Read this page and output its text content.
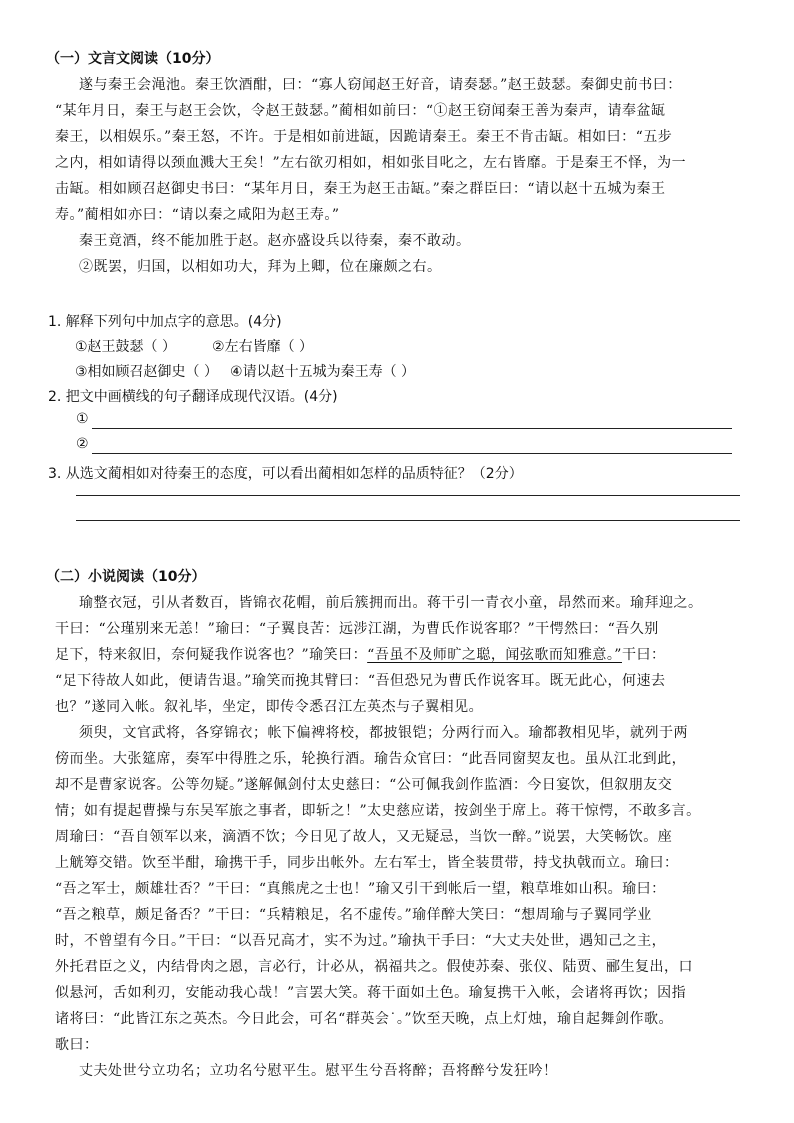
（一）文言文阅读（10分）
遂与秦王会渑池。秦王饮酒酣，曰：“寡人窃闻赵王好音，请奏瑟。”赵王鼓瑟。秦御史前书曰：
“某年月日，秦王与赵王会饮，令赵王鼓瑟。”蔺相如前曰：“①赵王窃闻秦王善为秦声，请奉盆缻
秦王，以相娱乐。”秦王怒，不许。于是相如前进缻，因跪请秦王。秦王不肯击缻。相如曰：“五步
之内，相如请得以颈血溅大王矣！”左右欲刃相如，相如张目叱之，左右皆靡。于是秦王不怿，为一
击缻。相如顾召赵御史书曰：“某年月日，秦王为赵王击缻。”秦之群臣曰：“请以赵十五城为秦王
寿。”蔺相如亦曰：“请以秦之咸阳为赵王寿。”
秦王竟酒，终不能加胜于赵。赵亦盛设兵以待秦，秦不敢动。
②既罢，归国，以相如功大，拜为上卿，位在廉颇之右。
1. 解释下列句中加点字的意思。(4分)
①赵王鼓瑟（ ）	②左右皆靡（ ）
③相如顾召赵御史（ ） ④请以赵十五城为秦王寿（ ）
2. 把文中画横线的句子翻译成现代汉语。(4分)
①
②
3. 从选文蔺相如对待秦王的态度，可以看出蔺相如怎样的品质特征？（2分）
（二）小说阅读（10分）
瑜整衣冠，引从者数百，皆锦衣花帽，前后簇拥而出。蒋干引一青衣小童，昂然而来。瑜拜迎之。
干曰：“公瑾别来无恙！”瑜曰：“子翼良苦：远涉江湖，为曹氏作说客耶？”干愕然曰：“吾久别
足下，特来叙旧，奈何疑我作说客也？”瑜笑曰：“吾虽不及师旷之聪，闻弦歌而知雅意。”干曰：
“足下待故人如此，便请告退。”瑜笑而挽其臂曰：“吾但恐兄为曹氏作说客耳。既无此心，何速去
也？”遂同入帐。叙礼毕，坐定，即传令悉召江左英杰与子翼相见。
须臾，文官武将，各穿锦衣；帐下偏裨将校，都披银铠；分两行而入。瑜都教相见毕，就列于两
傍而坐。大张筵席，奏军中得胜之乐，轮换行酒。瑜告众官曰：“此吾同窗契友也。虽从江北到此，
却不是曹家说客。公等勿疑。”遂解佩剑付太史慈曰：“公可佩我剑作监酒：今日宴饮，但叙朋友交
情；如有提起曹操与东吴军旅之事者，即斩之！”太史慈应诺，按剑坐于席上。蒋干惊愕，不敢多言。
周瑜曰：“吾自领军以来，滴酒不饮；今日见了故人，又无疑忌，当饮一醉。”说罢，大笑畅饮。座
上觥筹交错。饮至半酣，瑜携干手，同步出帐外。左右军士，皆全装贯带，持戈执戟而立。瑜曰：
“吾之军士，颇雄壮否？”干曰：“真熊虎之士也！”瑜又引干到帐后一望，粮草堆如山积。瑜曰：
“吾之粮草，颇足备否？”干曰：“兵精粮足，名不虚传。”瑜佯醉大笑曰：“想周瑜与子翼同学业
时，不曾望有今日。”干曰：“以吾兄高才，实不为过。”瑜执干手曰：“大丈夫处世，遇知己之主，
外托君臣之义，内结骨肉之恩，言必行，计必从，祸福共之。假使苏秦、张仪、陆贾、郦生复出，口
似悬河，舌如利刃，安能动我心哉！”言罢大笑。蒋干面如土色。瑜复携干入帐，会诸将再饮；因指
诸将曰：“此皆江东之英杰。今日此会，可名“群英会˙。”饮至天晚，点上灯烛，瑜自起舞剑作歌。
歌曰：
丈夫处世兮立功名；立功名兮慰平生。慰平生兮吾将醉；吾将醉兮发狂吟！
